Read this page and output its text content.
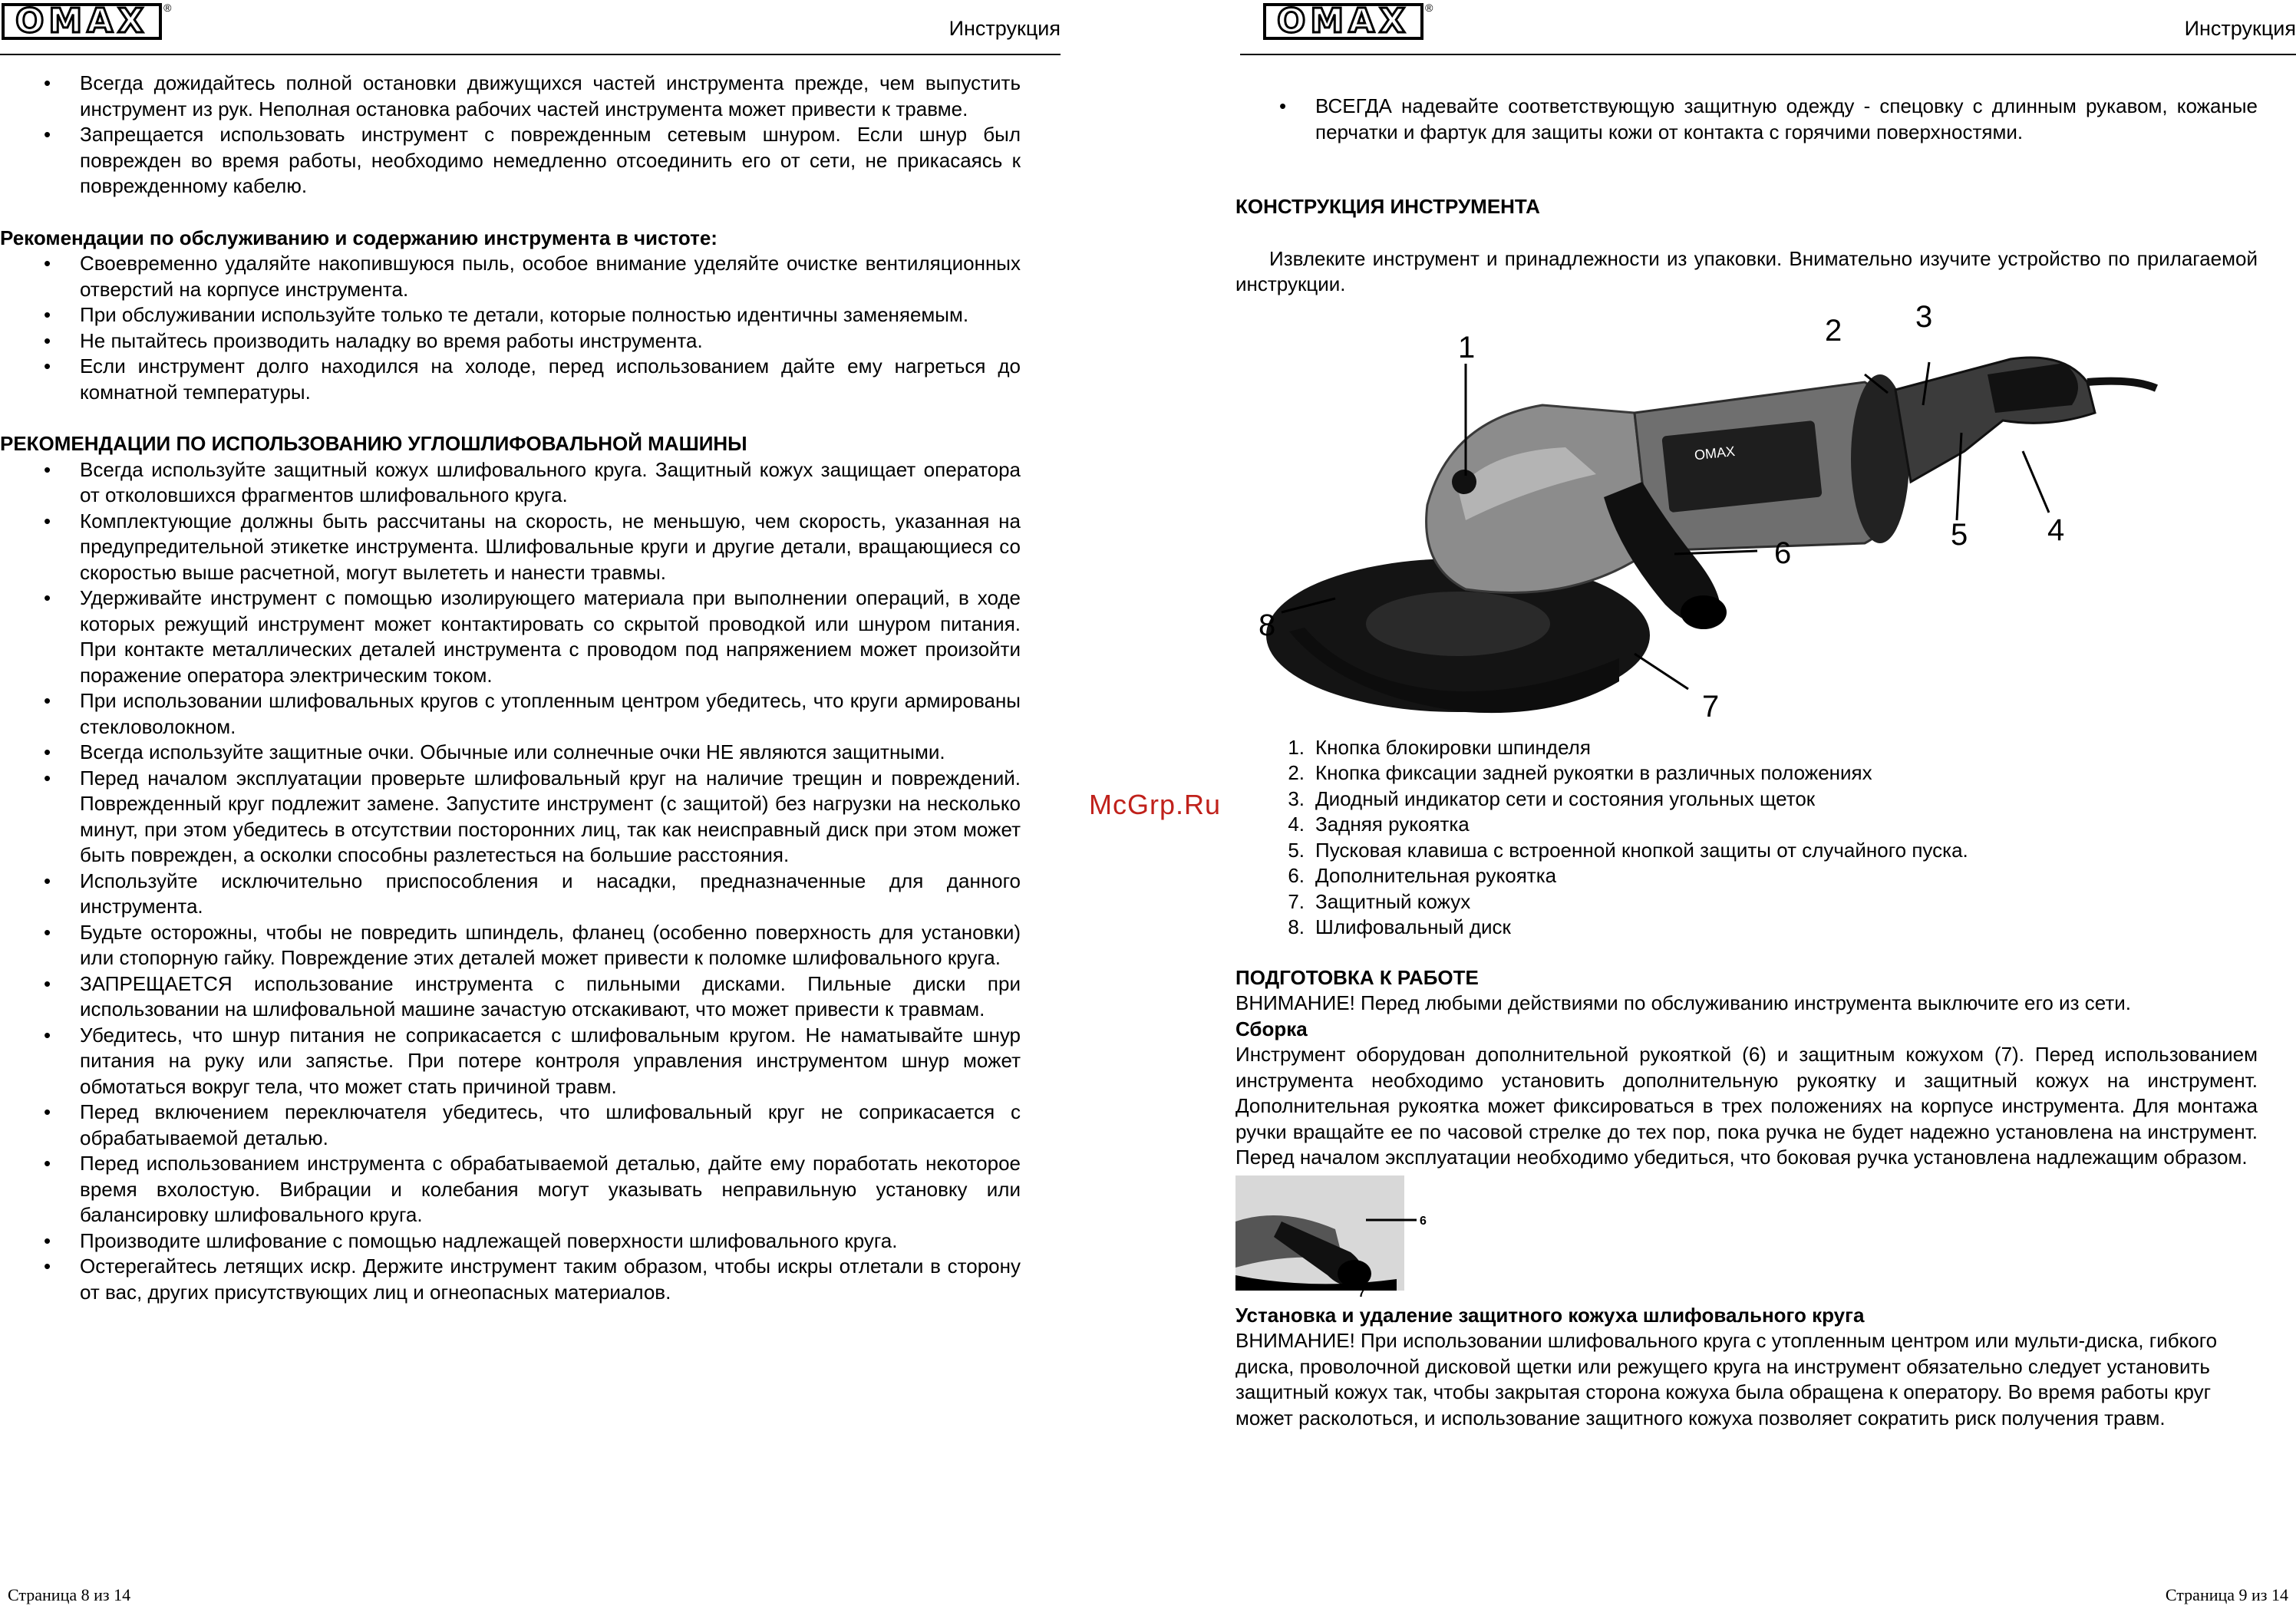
OMAX	®
Инструкция
• Всегда дожидайтесь полной остановки движущихся частей инструмента прежде, чем выпустить инструмент из рук. Неполная остановка рабочих частей инструмента может привести к травме.
• Запрещается использовать инструмент с поврежденным сетевым шнуром. Если шнур был поврежден во время работы, необходимо немедленно отсоединить его от сети, не прикасаясь к поврежденному кабелю.
Рекомендации по обслуживанию и содержанию инструмента в чистоте:
• Своевременно удаляйте накопившуюся пыль, особое внимание уделяйте очистке вентиляционных отверстий на корпусе инструмента.
• При обслуживании используйте только те детали, которые полностью идентичны заменяемым.
• Не пытайтесь производить наладку во время работы инструмента.
• Если инструмент долго находился на холоде, перед использованием дайте ему нагреться до комнатной температуры.
РЕКОМЕНДАЦИИ ПО ИСПОЛЬЗОВАНИЮ УГЛОШЛИФОВАЛЬНОЙ МАШИНЫ
• Всегда используйте защитный кожух шлифовального круга. Защитный кожух защищает оператора от отколовшихся фрагментов шлифовального круга.
• Комплектующие должны быть рассчитаны на скорость, не меньшую, чем скорость, указанная на предупредительной этикетке инструмента. Шлифовальные круги и другие детали, вращающиеся со скоростью выше расчетной, могут вылететь и нанести травмы.
• Удерживайте инструмент с помощью изолирующего материала при выполнении операций, в ходе которых режущий инструмент может контактировать со скрытой проводкой или шнуром питания. При контакте металлических деталей инструмента с проводом под напряжением может произойти поражение оператора электрическим током.
• При использовании шлифовальных кругов с утопленным центром убедитесь, что круги армированы стекловолокном.
• Всегда используйте защитные очки. Обычные или солнечные очки НЕ являются защитными.
• Перед началом эксплуатации проверьте шлифовальный круг на наличие трещин и повреждений. Поврежденный круг подлежит замене. Запустите инструмент (с защитой) без нагрузки на несколько минут, при этом убедитесь в отсутствии посторонних лиц, так как неисправный диск при этом может быть поврежден, а осколки способны разлетесться на большие расстояния.
• Используйте исключительно приспособления и насадки, предназначенные для данного инструмента.
• Будьте осторожны, чтобы не повредить шпиндель, фланец (особенно поверхность для установки) или стопорную гайку. Повреждение этих деталей может привести к поломке шлифовального круга.
• ЗАПРЕЩАЕТСЯ использование инструмента с пильными дисками. Пильные диски при использовании на шлифовальной машине зачастую отскакивают, что может привести к травмам.
• Убедитесь, что шнур питания не соприкасается с шлифовальным кругом. Не наматывайте шнур питания на руку или запястье. При потере контроля управления инструментом шнур может обмотаться вокруг тела, что может стать причиной травм.
• Перед включением переключателя убедитесь, что шлифовальный круг не соприкасается с обрабатываемой деталью.
• Перед использованием инструмента с обрабатываемой деталью, дайте ему поработать некоторое время вхолостую. Вибрации и колебания могут указывать неправильную установку или балансировку шлифовального круга.
• Производите шлифование с помощью надлежащей поверхности шлифовального круга.
• Остерегайтесь летящих искр. Держите инструмент таким образом, чтобы искры отлетали в сторону от вас, других присутствующих лиц и огнеопасных материалов.
Страница 8 из 14
McGrp.Ru
OMAX	®
Инструкция
• ВСЕГДА надевайте соответствующую защитную одежду - спецовку с длинным рукавом, кожаные перчатки и фартук для защиты кожи от контакта с горячими поверхностями.
КОНСТРУКЦИЯ ИНСТРУМЕНТА
Извлеките инструмент и принадлежности из упаковки. Внимательно изучите устройство по прилагаемой инструкции.
OMAX
1	2 3
4
5
6
7
8
1. Кнопка блокировки шпинделя
2. Кнопка фиксации задней рукоятки в различных положениях
3. Диодный индикатор сети и состояния угольных щеток
4. Задняя рукоятка
5. Пусковая клавиша с встроенной кнопкой защиты от случайного пуска.
6. Дополнительная рукоятка
7. Защитный кожух
8. Шлифовальный диск
ПОДГОТОВКА К РАБОТЕ
ВНИМАНИЕ! Перед любыми действиями по обслуживанию инструмента выключите его из сети.
Сборка
Инструмент оборудован дополнительной рукояткой (6) и защитным кожухом (7). Перед использованием инструмента необходимо установить дополнительную рукоятку и защитный кожух на инструмент. Дополнительная рукоятка может фиксироваться в трех положениях на корпусе инструмента. Для монтажа ручки вращайте ее по часовой стрелке до тех пор, пока ручка не будет надежно установлена на инструмент. Перед началом эксплуатации необходимо убедиться, что боковая ручка установлена надлежащим образом.
6
7
Установка и удаление защитного кожуха шлифовального круга
ВНИМАНИЕ! При использовании шлифовального круга с утопленным центром или мульти-диска, гибкого диска, проволочной дисковой щетки или режущего круга на инструмент обязательно следует установить защитный кожух так, чтобы закрытая сторона кожуха была обращена к оператору. Во время работы круг может расколоться, и использование защитного кожуха позволяет сократить риск получения травм.
Страница 9 из 14
